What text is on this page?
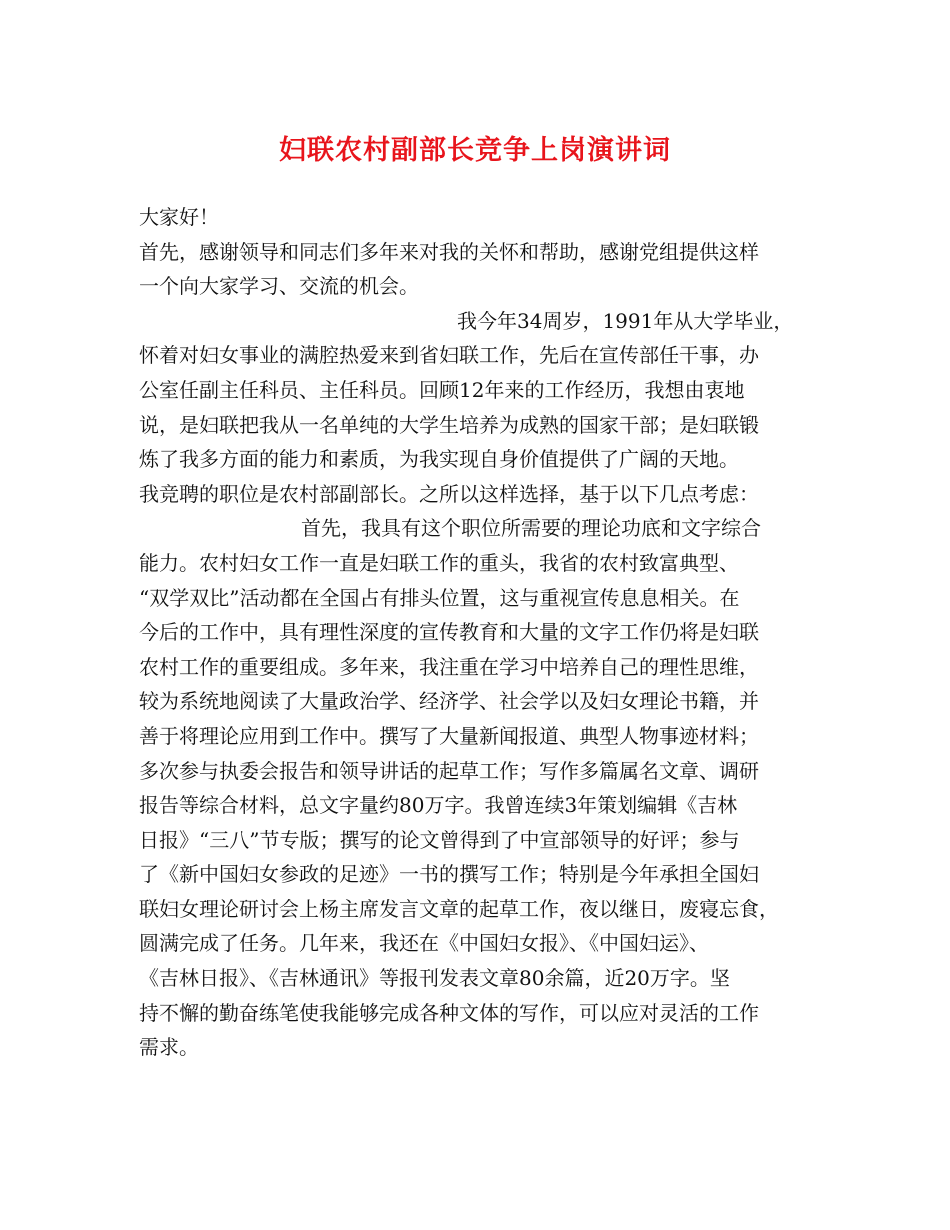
妇联农村副部长竞争上岗演讲词
大家好！
首先，感谢领导和同志们多年来对我的关怀和帮助，感谢党组提供这样
一个向大家学习、交流的机会。
我今年34周岁，1991年从大学毕业，
怀着对妇女事业的满腔热爱来到省妇联工作，先后在宣传部任干事，办
公室任副主任科员、主任科员。回顾12年来的工作经历，我想由衷地
说，是妇联把我从一名单纯的大学生培养为成熟的国家干部；是妇联锻
炼了我多方面的能力和素质，为我实现自身价值提供了广阔的天地。
我竞聘的职位是农村部副部长。之所以这样选择，基于以下几点考虑：
首先，我具有这个职位所需要的理论功底和文字综合
能力。农村妇女工作一直是妇联工作的重头，我省的农村致富典型、
“双学双比”活动都在全国占有排头位置，这与重视宣传息息相关。在
今后的工作中，具有理性深度的宣传教育和大量的文字工作仍将是妇联
农村工作的重要组成。多年来，我注重在学习中培养自己的理性思维，
较为系统地阅读了大量政治学、经济学、社会学以及妇女理论书籍，并
善于将理论应用到工作中。撰写了大量新闻报道、典型人物事迹材料；
多次参与执委会报告和领导讲话的起草工作；写作多篇属名文章、调研
报告等综合材料，总文字量约80万字。我曾连续3年策划编辑《吉林
日报》“三八”节专版；撰写的论文曾得到了中宣部领导的好评；参与
了《新中国妇女参政的足迹》一书的撰写工作；特别是今年承担全国妇
联妇女理论研讨会上杨主席发言文章的起草工作，夜以继日，废寝忘食，
圆满完成了任务。几年来，我还在《中国妇女报》、《中国妇运》、
《吉林日报》、《吉林通讯》等报刊发表文章80余篇，近20万字。坚
持不懈的勤奋练笔使我能够完成各种文体的写作，可以应对灵活的工作
需求。
